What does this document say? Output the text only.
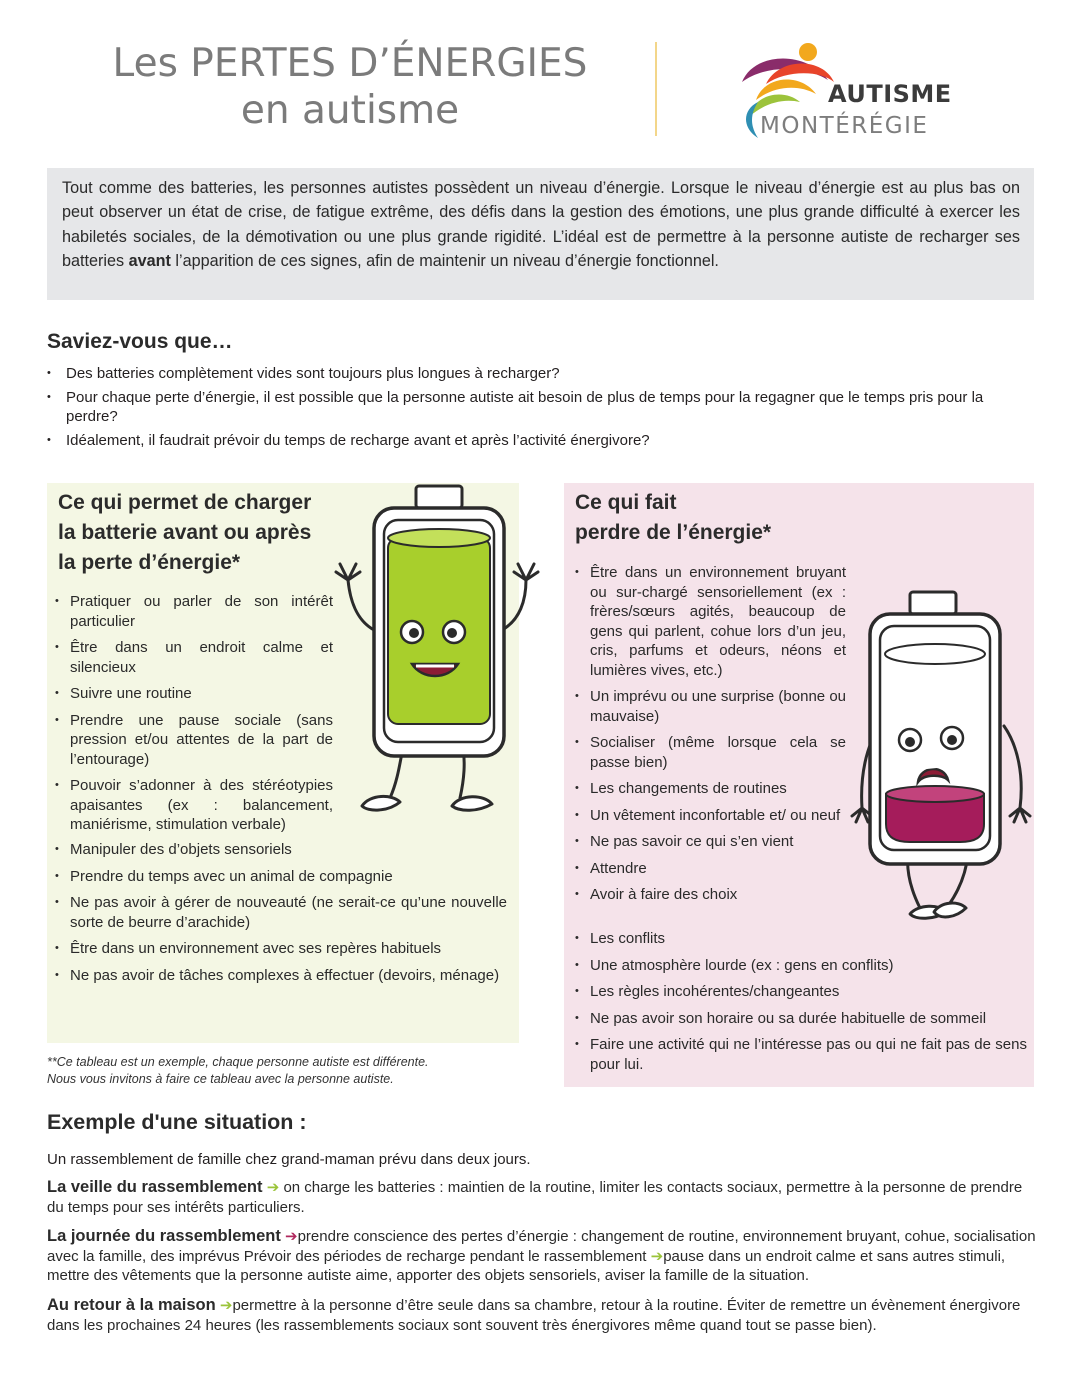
Les PERTES D’ÉNERGIES
en autisme	AUTISME
MONTÉRÉGIE
Tout comme des batteries, les personnes autistes possèdent un niveau d’énergie. Lorsque le niveau d’énergie est au plus bas on peut observer un état de crise, de fatigue extrême, des défis dans la gestion des émotions, une plus grande difficulté à exercer les habiletés sociales, de la démotivation ou une plus grande rigidité. L’idéal est de permettre à la personne autiste de recharger ses batteries avant l’apparition de ces signes, afin de maintenir un niveau d’énergie fonctionnel.
Saviez-vous que…
• Des batteries complètement vides sont toujours plus longues à recharger?
• Pour chaque perte d’énergie, il est possible que la personne autiste ait besoin de plus de temps pour la regagner que le temps pris pour la perdre?
• Idéalement, il faudrait prévoir du temps de recharge avant et après l’activité énergivore?
Ce qui permet de charger
la batterie avant ou après
la perte d’énergie*
• Pratiquer ou parler de son intérêt particulier
• Être dans un endroit calme et silencieux
• Suivre une routine
• Prendre une pause sociale (sans pression et/ou attentes de la part de l’entourage)
• Pouvoir s’adonner à des stéréotypies apaisantes (ex : balancement, maniérisme, stimulation verbale)
• Manipuler des d’objets sensoriels
• Prendre du temps avec un animal de compagnie
• Ne pas avoir à gérer de nouveauté (ne serait-ce qu’une nouvelle sorte de beurre d’arachide)
• Être dans un environnement avec ses repères habituels
• Ne pas avoir de tâches complexes à effectuer (devoirs, ménage)
**Ce tableau est un exemple, chaque personne autiste est différente.
Nous vous invitons à faire ce tableau avec la personne autiste.
Ce qui fait
perdre de l’énergie*
• Être dans un environnement bruyant ou sur-chargé sensoriellement (ex : frères/sœurs agités, beaucoup de gens qui parlent, cohue lors d’un jeu, cris, parfums et odeurs, néons et lumières vives, etc.)
• Un imprévu ou une surprise (bonne ou mauvaise)
• Socialiser (même lorsque cela se passe bien)
• Les changements de routines
• Un vêtement inconfortable et/ ou neuf
• Ne pas savoir ce qui s’en vient
• Attendre
• Avoir à faire des choix
• Les conflits
• Une atmosphère lourde (ex : gens en conflits)
• Les règles incohérentes/changeantes
• Ne pas avoir son horaire ou sa durée habituelle de sommeil
• Faire une activité qui ne l’intéresse pas ou qui ne fait pas de sens pour lui.
Exemple d'une situation :
Un rassemblement de famille chez grand-maman prévu dans deux jours.
La veille du rassemblement ➔ on charge les batteries : maintien de la routine, limiter les contacts sociaux, permettre à la personne de prendre du temps pour ses intérêts particuliers.
La journée du rassemblement ➔prendre conscience des pertes d’énergie : changement de routine, environnement bruyant, cohue, socialisation avec la famille, des imprévus Prévoir des périodes de recharge pendant le rassemblement ➔pause dans un endroit calme et sans autres stimuli, mettre des vêtements que la personne autiste aime, apporter des objets sensoriels, aviser la famille de la situation.
Au retour à la maison ➔permettre à la personne d’être seule dans sa chambre, retour à la routine. Éviter de remettre un évènement énergivore dans les prochaines 24 heures (les rassemblements sociaux sont souvent très énergivores même quand tout se passe bien).
